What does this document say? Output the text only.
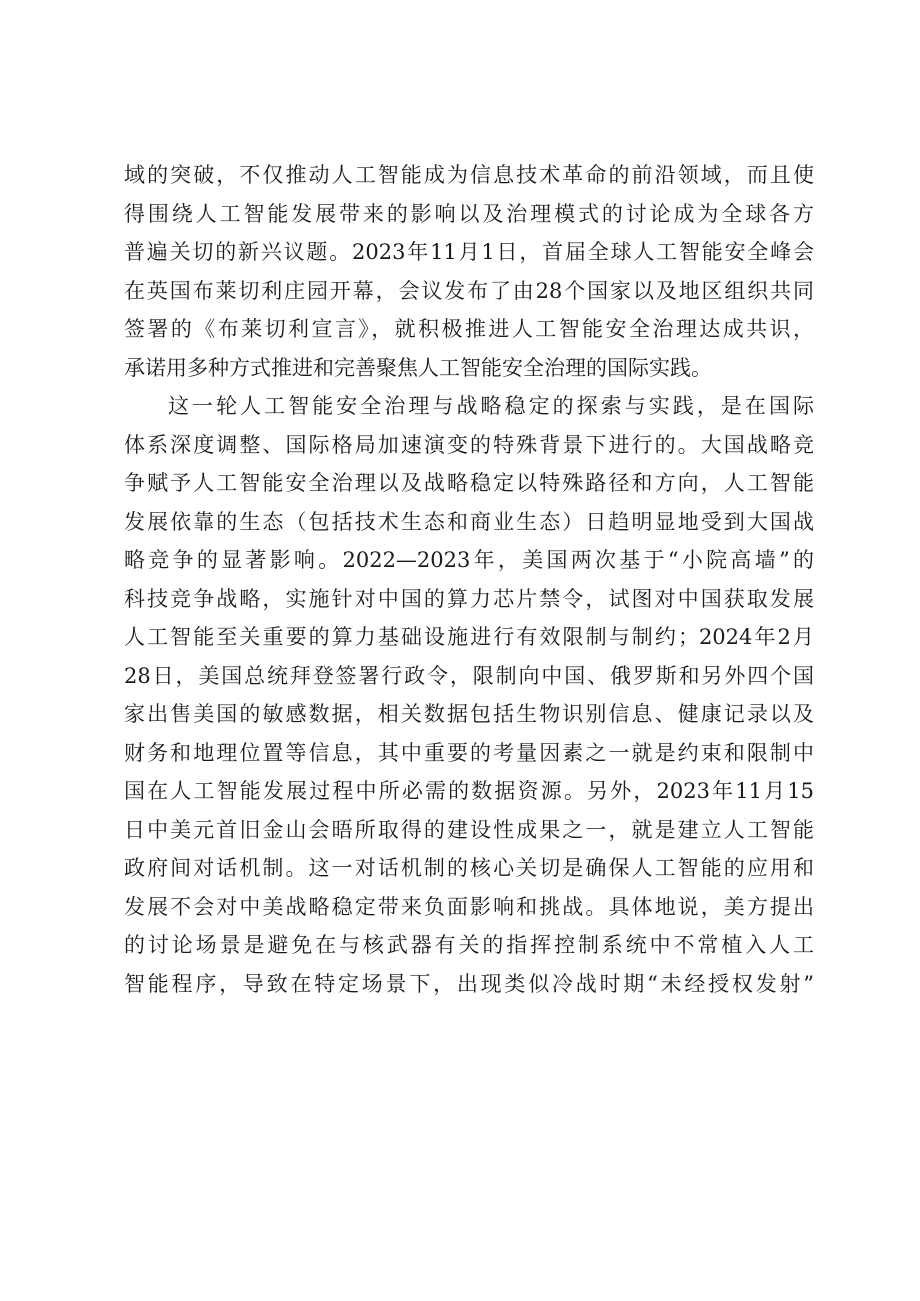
域的突破，不仅推动人工智能成为信息技术革命的前沿领域，而且使
得围绕人工智能发展带来的影响以及治理模式的讨论成为全球各方
普遍关切的新兴议题。2023年11月1日，首届全球人工智能安全峰会
在英国布莱切利庄园开幕，会议发布了由28个国家以及地区组织共同
签署的《布莱切利宣言》，就积极推进人工智能安全治理达成共识，
承诺用多种方式推进和完善聚焦人工智能安全治理的国际实践。
这一轮人工智能安全治理与战略稳定的探索与实践，是在国际
体系深度调整、国际格局加速演变的特殊背景下进行的。大国战略竞
争赋予人工智能安全治理以及战略稳定以特殊路径和方向，人工智能
发展依靠的生态（包括技术生态和商业生态）日趋明显地受到大国战
略竞争的显著影响。2022—2023年，美国两次基于“小院高墙”的
科技竞争战略，实施针对中国的算力芯片禁令，试图对中国获取发展
人工智能至关重要的算力基础设施进行有效限制与制约；2024年2月
28日，美国总统拜登签署行政令，限制向中国、俄罗斯和另外四个国
家出售美国的敏感数据，相关数据包括生物识别信息、健康记录以及
财务和地理位置等信息，其中重要的考量因素之一就是约束和限制中
国在人工智能发展过程中所必需的数据资源。另外，2023年11月15
日中美元首旧金山会晤所取得的建设性成果之一，就是建立人工智能
政府间对话机制。这一对话机制的核心关切是确保人工智能的应用和
发展不会对中美战略稳定带来负面影响和挑战。具体地说，美方提出
的讨论场景是避免在与核武器有关的指挥控制系统中不常植入人工
智能程序，导致在特定场景下，出现类似冷战时期“未经授权发射”
